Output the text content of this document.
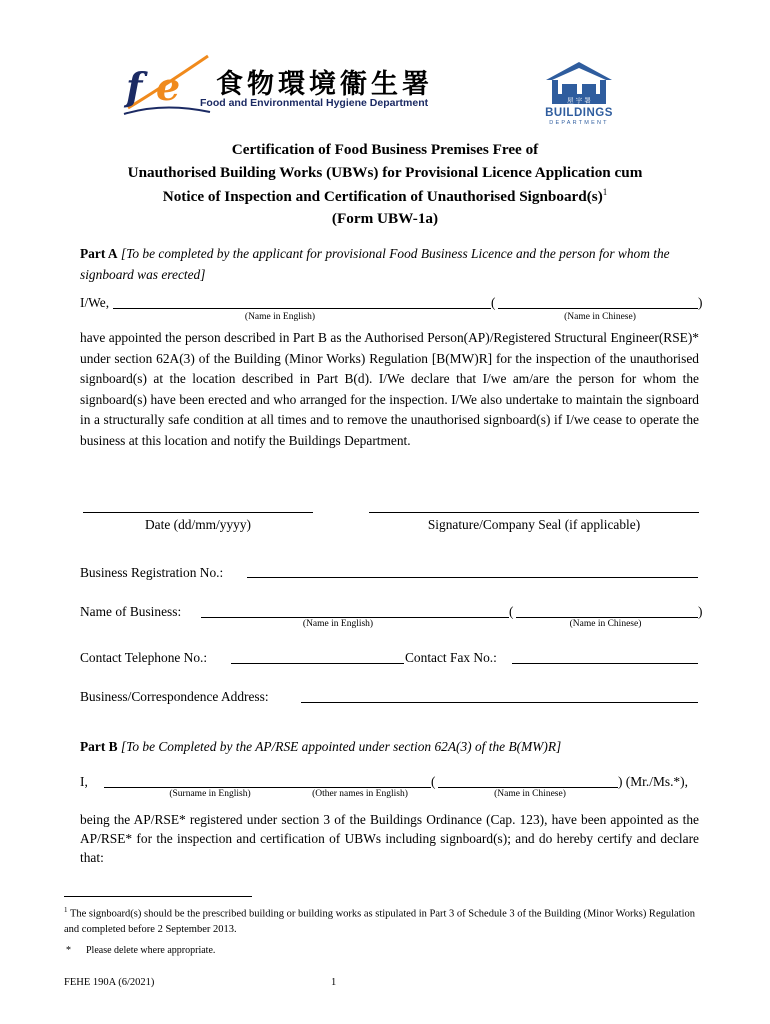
f e 食物環境衞生署
Food and Environmental Hygiene Department	屋 宇 署
BUILDINGS
DEPARTMENT
Certification of Food Business Premises Free of
Unauthorised Building Works (UBWs) for Provisional Licence Application cum
Notice of Inspection and Certification of Unauthorised $Signboard(s)^1$
(Form UBW-1a)
Part A [To be completed by the applicant for provisional Food Business Licence and the person for whom the signboard was erected]
I/We,	(	)
(Name in English)	(Name in Chinese)
have appointed the person described in Part B as the Authorised Person(AP)/Registered Structural Engineer(RSE)* under section 62A(3) of the Building (Minor Works) Regulation [B(MW)R] for the inspection of the unauthorised signboard(s) at the location described in Part B(d). I/We declare that I/we am/are the person for whom the signboard(s) have been erected and who arranged for the inspection. I/We also undertake to maintain the signboard in a structurally safe condition at all times and to remove the unauthorised signboard(s) if I/we cease to operate the business at this location and notify the Buildings Department.
Date (dd/mm/yyyy)	Signature/Company Seal (if applicable)
Business Registration No.:
Name of Business:	(	)
(Name in English)	(Name in Chinese)
Contact Telephone No.:	Contact Fax No.:
Business/Correspondence Address:
Part B [To be Completed by the AP/RSE appointed under section 62A(3) of the B(MW)R]
I,	(	) (Mr./Ms.*),
(Surname in English)	(Other names in English)	(Name in Chinese)
being the AP/RSE* registered under section 3 of the Buildings Ordinance (Cap. 123), have been appointed as the AP/RSE* for the inspection and certification of UBWs including signboard(s); and do hereby certify and declare that:
$^1$ The signboard(s) should be the prescribed building or building works as stipulated in Part 3 of Schedule 3 of the Building (Minor Works) Regulation and completed before 2 September 2013.
* Please delete where appropriate.
FEHE 190A (6/2021)	1
